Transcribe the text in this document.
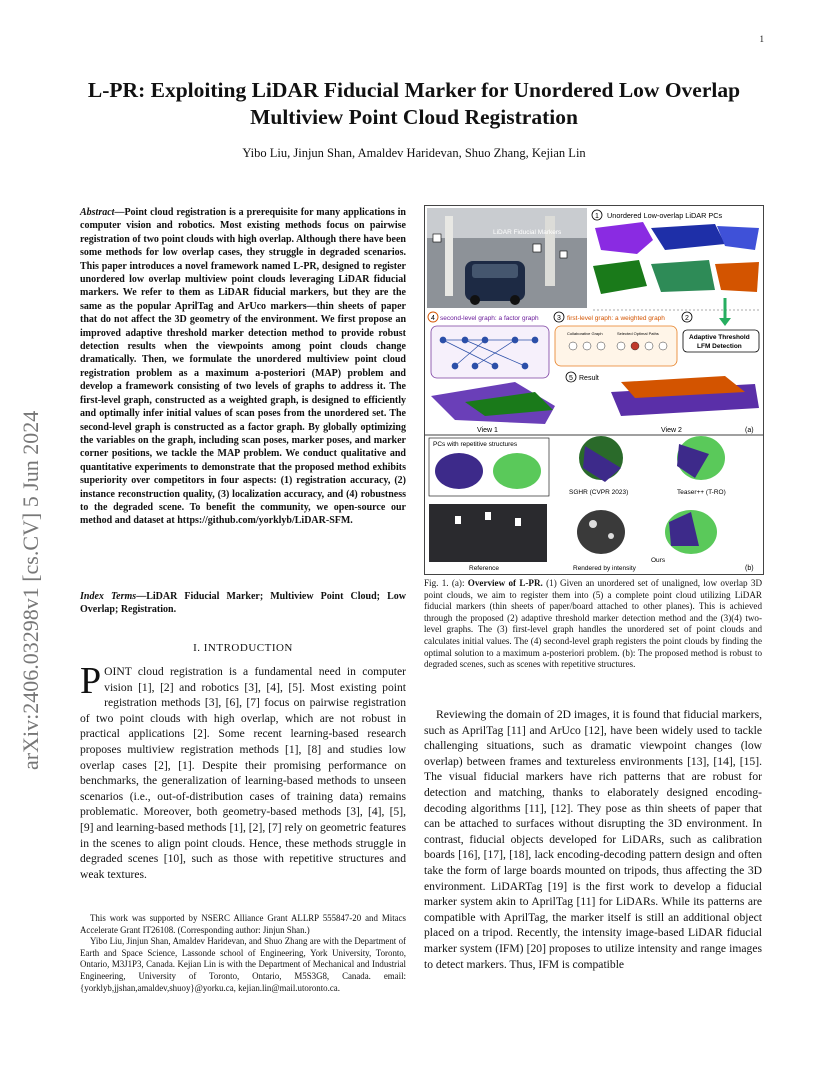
1
arXiv:2406.03298v1 [cs.CV] 5 Jun 2024
L-PR: Exploiting LiDAR Fiducial Marker for Unordered Low Overlap Multiview Point Cloud Registration
Yibo Liu, Jinjun Shan, Amaldev Haridevan, Shuo Zhang, Kejian Lin
Abstract—Point cloud registration is a prerequisite for many applications in computer vision and robotics. Most existing methods focus on pairwise registration of two point clouds with high overlap. Although there have been some methods for low overlap cases, they struggle in degraded scenarios. This paper introduces a novel framework named L-PR, designed to register unordered low overlap multiview point clouds leveraging LiDAR fiducial markers. We refer to them as LiDAR fiducial markers, but they are the same as the popular AprilTag and ArUco markers—thin sheets of paper that do not affect the 3D geometry of the environment. We first propose an improved adaptive threshold marker detection method to provide robust detection results when the viewpoints among point clouds change dramatically. Then, we formulate the unordered multiview point cloud registration problem as a maximum a-posteriori (MAP) problem and develop a framework consisting of two levels of graphs to address it. The first-level graph, constructed as a weighted graph, is designed to efficiently and optimally infer initial values of scan poses from the unordered set. The second-level graph is constructed as a factor graph. By globally optimizing the variables on the graph, including scan poses, marker poses, and marker corner positions, we tackle the MAP problem. We conduct qualitative and quantitative experiments to demonstrate that the proposed method exhibits superiority over competitors in four aspects: (1) registration accuracy, (2) instance reconstruction quality, (3) localization accuracy, and (4) robustness to the degraded scene. To benefit the community, we open-source our method and dataset at https://github.com/yorklyb/LiDAR-SFM.
Index Terms—LiDAR Fiducial Marker; Multiview Point Cloud; Low Overlap; Registration.
I. INTRODUCTION
POINT cloud registration is a fundamental need in computer vision [1], [2] and robotics [3], [4], [5]. Most existing point registration methods [3], [6], [7] focus on pairwise registration of two point clouds with high overlap, which are not robust in practical applications [2]. Some recent learning-based research proposes multiview registration methods [1], [8] and studies low overlap cases [2], [1]. Despite their promising performance on benchmarks, the generalization of learning-based methods to unseen scenarios (i.e., out-of-distribution cases of training data) remains problematic. Moreover, both geometry-based methods [3], [4], [5], [9] and learning-based methods [1], [2], [7] rely on geometric features in the scenes to align point clouds. Hence, these methods struggle in degraded scenes [10], such as those with repetitive structures and weak textures.

This work was supported by NSERC Alliance Grant ALLRP 555847-20 and Mitacs Accelerate Grant IT26108. (Corresponding author: Jinjun Shan.)

Yibo Liu, Jinjun Shan, Amaldev Haridevan, and Shuo Zhang are with the Department of Earth and Space Science, Lassonde school of Engineering, York University, Toronto, Ontario, M3J1P3, Canada. Kejian Lin is with the Department of Mechanical and Industrial Engineering, University of Toronto, Ontario, M5S3G8, Canada. email:{yorklyb,jjshan,amaldev,shuoy}@yorku.ca, kejian.lin@mail.utoronto.ca.

LiDAR Fiducial Markers
1 Unordered Low-overlap LiDAR PCs
4 second-level graph: a factor graph	3 first-level graph: a weighted graph
Collaborative Graph	Selected Optimal Paths
2
Adaptive Threshold
LFM Detection
5 Result
View 1	View 2	(a)
PCs with repetitive structures
SGHR (CVPR 2023)	Teaser++ (T-RO)
Reference
Ours
Rendered by intensity	(b)
Fig. 1. (a): Overview of L-PR. (1) Given an unordered set of unaligned, low overlap 3D point clouds, we aim to register them into (5) a complete point cloud utilizing LiDAR fiducial markers (thin sheets of paper/board attached to other planes). This is achieved through the proposed (2) adaptive threshold marker detection method and the (3)(4) two-level graphs. The (3) first-level graph handles the unordered set of point clouds and calculates initial values. The (4) second-level graph registers the point clouds by finding the optimal solution to a maximum a-posteriori problem. (b): The proposed method is robust to degraded scenes, such as scenes with repetitive structures.
Reviewing the domain of 2D images, it is found that fiducial markers, such as AprilTag [11] and ArUco [12], have been widely used to tackle challenging situations, such as dramatic viewpoint changes (low overlap) between frames and textureless environments [13], [14], [15]. The visual fiducial markers have rich patterns that are robust for detection and matching, thanks to elaborately designed encoding-decoding algorithms [11], [12]. They pose as thin sheets of paper that can be attached to surfaces without disrupting the 3D environment. In contrast, fiducial objects developed for LiDARs, such as calibration boards [16], [17], [18], lack encoding-decoding pattern design and often take the form of large boards mounted on tripods, thus affecting the 3D environment. LiDARTag [19] is the first work to develop a fiducial marker system akin to AprilTag [11] for LiDARs. While its patterns are compatible with AprilTag, the marker itself is still an additional object placed on a tripod. Recently, the intensity image-based LiDAR fiducial marker system (IFM) [20] proposes to utilize intensity and range images to detect markers. Thus, IFM is compatible
